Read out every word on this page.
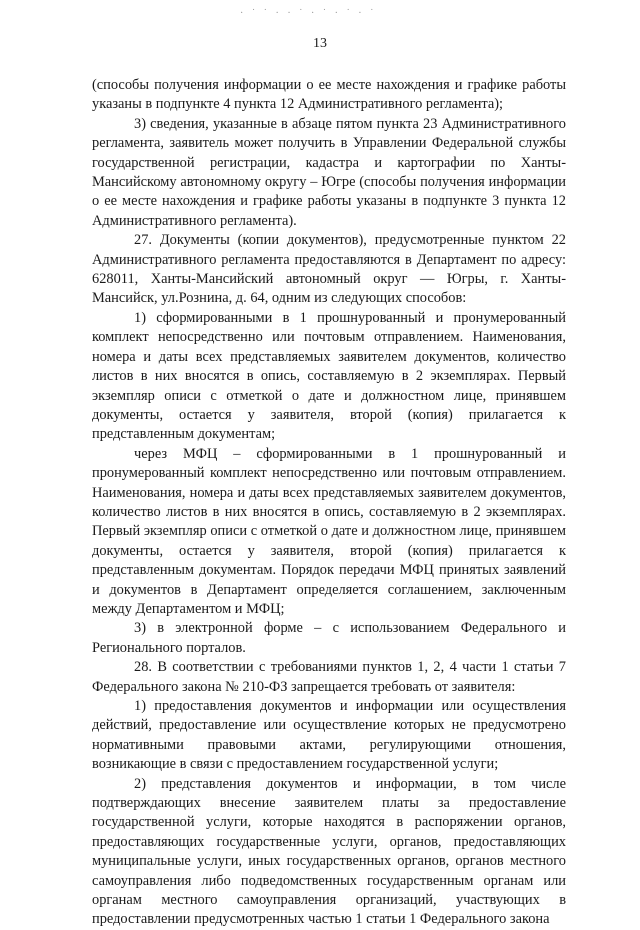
· ˙ ˙ · · ˙ · ˙ · ˙ · ˙
13

(способы получения информации о ее месте нахождения и графике работы указаны в подпункте 4 пункта 12 Административного регламента);

3) сведения, указанные в абзаце пятом пункта 23 Административного регламента, заявитель может получить в Управлении Федеральной службы государственной регистрации, кадастра и картографии по Ханты-Мансийскому автономному округу – Югре (способы получения информации о ее месте нахождения и графике работы указаны в подпункте 3 пункта 12 Административного регламента).

27. Документы (копии документов), предусмотренные пунктом 22 Административного регламента предоставляются в Департамент по адресу: 628011, Ханты-Мансийский автономный округ — Югры, г. Ханты-Мансийск, ул.Рознина, д. 64, одним из следующих способов:

1) сформированными в 1 прошнурованный и пронумерованный комплект непосредственно или почтовым отправлением. Наименования, номера и даты всех представляемых заявителем документов, количество листов в них вносятся в опись, составляемую в 2 экземплярах. Первый экземпляр описи с отметкой о дате и должностном лице, принявшем документы, остается у заявителя, второй (копия) прилагается к представленным документам;

через МФЦ – сформированными в 1 прошнурованный и пронумерованный комплект непосредственно или почтовым отправлением. Наименования, номера и даты всех представляемых заявителем документов, количество листов в них вносятся в опись, составляемую в 2 экземплярах. Первый экземпляр описи с отметкой о дате и должностном лице, принявшем документы, остается у заявителя, второй (копия) прилагается к представленным документам. Порядок передачи МФЦ принятых заявлений и документов в Департамент определяется соглашением, заключенным между Департаментом и МФЦ;

3) в электронной форме – с использованием Федерального и Регионального порталов.

28. В соответствии с требованиями пунктов 1, 2, 4 части 1 статьи 7 Федерального закона № 210-ФЗ запрещается требовать от заявителя:

1) предоставления документов и информации или осуществления действий, предоставление или осуществление которых не предусмотрено нормативными правовыми актами, регулирующими отношения, возникающие в связи с предоставлением государственной услуги;

2) представления документов и информации, в том числе подтверждающих внесение заявителем платы за предоставление государственной услуги, которые находятся в распоряжении органов, предоставляющих государственные услуги, органов, предоставляющих муниципальные услуги, иных государственных органов, органов местного самоуправления либо подведомственных государственным органам или органам местного самоуправления организаций, участвующих в предоставлении предусмотренных частью 1 статьи 1 Федерального закона
